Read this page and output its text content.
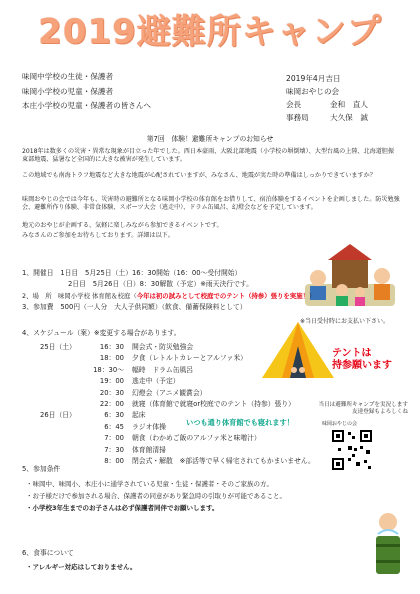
2019避難所キャンプ
味岡中学校の生徒・保護者
味岡小学校の児童・保護者
本庄小学校の児童・保護者の皆さんへ
2019年4月吉日
味岡おやじの会
会長	金和　直人
事務局	大久保　誠
第7回　体験！避難所キャンプのお知らせ
2018年は数多くの災害・異常な現象が目立った年でした。西日本豪雨、大阪北部地震（小学校の塀倒壊）、大型台風の上陸、北海道胆振東部地震、猛暑など全国的に大きな被害が発生しています。
この地域でも南海トラフ地震など大きな地震が心配されていますが、みなさん、地震が実た時の準備はしっかりできていますか？
味岡おやじの会では今年も、災害時の避難所となる味岡小学校の体育館をお借りして、宿泊体験をするイベントを企画しました。防災勉強会、避難所作り体験、非常食体験、スポーツ大会（逃走中）、ドラム缶風呂、幻燈会などを予定しています。
地元のおやじが企画する、気軽に楽しみながら参加できるイベントです。
みなさんのご参加をお待ちしております。詳細は以下。
1、開催日　 1日目　5月25日（土）16：30開始（16：00～受付開始）
2日目　5月26日（日）8：30解散（予定）※雨天決行です。
2、場　所　 味岡小学校 体育館＆校庭（今年は初の試みとして校庭でのテント（持参）張りを実施！）
3、参加費　 500円（一人分　大人子供同額）（飲食、備蓄保険料として）
※当日受付時にお支払い下さい。
4、スケジュール（案）※変更する場合があります。
25日（土）	16：30 開会式・防災勉強会
18：00 夕食（レトルトカレーとアルファ米）
18：30～ 幅時　ドラム缶風呂
19：00 逃走中（予定）
20：30 幻燈会（アニメ観賞会）
22：00 就寝（体育館で就寝or校庭でのテント（持参）張り）
26日（日）	6：30 起床
6：45 ラジオ体操
7：00 朝食（わかめご飯のアルファ米と味噌汁）
7：30 体育館清掃
8：00 閉会式・解散　※部活等で早く帰宅されてもかまいません。
テントは
持参願います
当日は避難所キャンプを実況します
友達登録もよろしくね
いつも通り体育館でも寝れます！	味岡おやじの会
5、参加条件
・味岡中、味岡小、本庄小に通学されている児童・生徒・保護者・そのご家族の方。
・お子様だけで参加される場合、保護者の同意があり緊急時の引取りが可能であること。
・小学校3年生までのお子さんは必ず保護者同伴でお願いします。
6、食事について
・アレルギー対応はしておりません。
